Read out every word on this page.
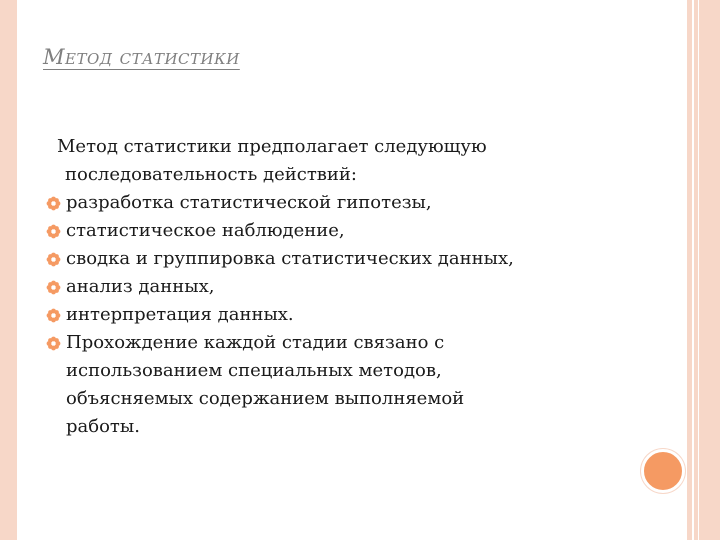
Метод статистики
Метод статистики предполагает следующую
последовательность действий:
разработка статистической гипотезы,
статистическое наблюдение,
сводка и группировка статистических данных,
анализ данных,
интерпретация данных.
Прохождение каждой стадии связано с
использованием специальных методов,
объясняемых содержанием выполняемой
работы.
